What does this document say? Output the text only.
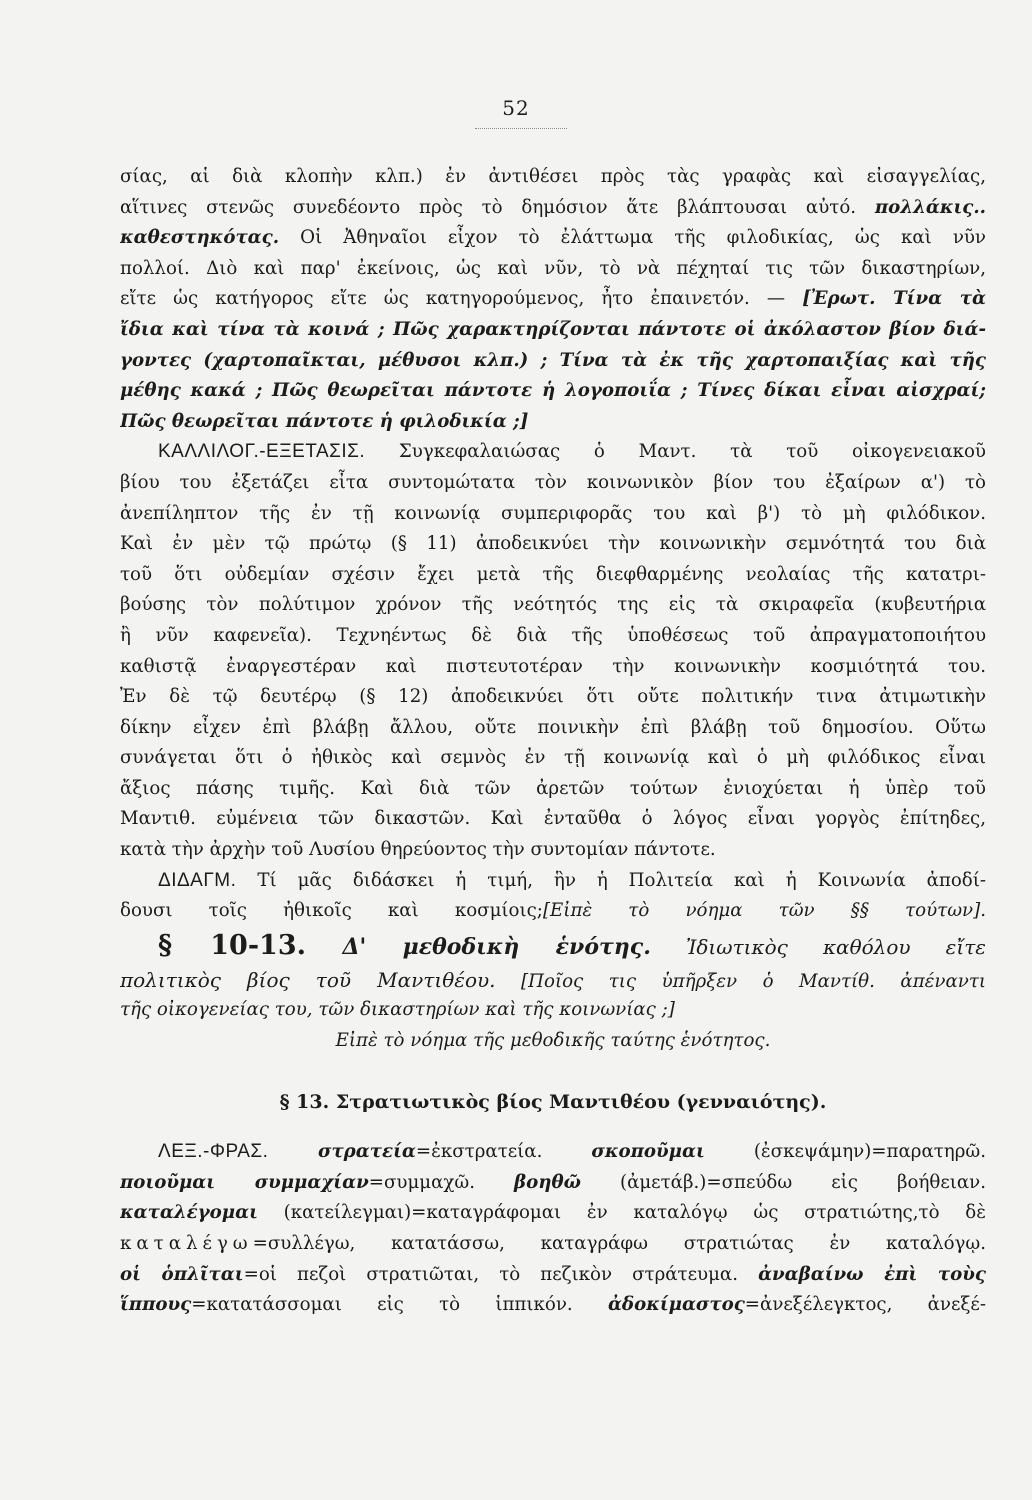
52
σίας, αἱ διὰ κλοπὴν κλπ.) ἐν ἀντιθέσει πρὸς τὰς γραφὰς καὶ εἰσαγγελίας,
αἵτινες στενῶς συνεδέοντο πρὸς τὸ δημόσιον ἅτε βλάπτουσαι αὐτό. πολλάκις..
καθεστηκότας. Οἱ Ἀθηναῖοι εἶχον τὸ ἐλάττωμα τῆς φιλοδικίας, ὡς καὶ νῦν
πολλοί. Διὸ καὶ παρ' ἐκείνοις, ὡς καὶ νῦν, τὸ νὰ πέχηταί τις τῶν δικαστηρίων,
εἴτε ὡς κατήγορος εἴτε ὡς κατηγορούμενος, ἦτο ἐπαινετόν. — [Ἐρωτ. Τίνα τὰ
ἴδια καὶ τίνα τὰ κοινά ; Πῶς χαρακτηρίζονται πάντοτε οἱ ἀκόλαστον βίον διά-
γοντες (χαρτοπαῖκται, μέθυσοι κλπ.) ; Τίνα τὰ ἐκ τῆς χαρτοπαιξίας καὶ τῆς
μέθης κακά ; Πῶς θεωρεῖται πάντοτε ἡ λογοποιΐα ; Τίνες δίκαι εἶναι αἰσχραί;
Πῶς θεωρεῖται πάντοτε ἡ φιλοδικία ;]
ΚΑΛΛΙΛΟΓ.-ΕΞΕΤΑΣΙΣ. Συγκεφαλαιώσας ὁ Μαντ. τὰ τοῦ οἰκογενειακοῦ
βίου του ἐξετάζει εἶτα συντομώτατα τὸν κοινωνικὸν βίον του ἐξαίρων α') τὸ
ἀνεπίληπτον τῆς ἐν τῇ κοινωνίᾳ συμπεριφορᾶς του καὶ β') τὸ μὴ φιλόδικον.
Καὶ ἐν μὲν τῷ πρώτῳ (§ 11) ἀποδεικνύει τὴν κοινωνικὴν σεμνότητά του διὰ
τοῦ ὅτι οὐδεμίαν σχέσιν ἔχει μετὰ τῆς διεφθαρμένης νεολαίας τῆς κατατρι-
βούσης τὸν πολύτιμον χρόνον τῆς νεότητός της εἰς τὰ σκιραφεῖα (κυβευτήρια
ἢ νῦν καφενεῖα). Τεχνηέντως δὲ διὰ τῆς ὑποθέσεως τοῦ ἀπραγματοποιήτου
καθιστᾷ ἐναργεστέραν καὶ πιστευτοτέραν τὴν κοινωνικὴν κοσμιότητά του.
Ἐν δὲ τῷ δευτέρῳ (§ 12) ἀποδεικνύει ὅτι οὔτε πολιτικήν τινα ἀτιμωτικὴν
δίκην εἶχεν ἐπὶ βλάβῃ ἄλλου, οὔτε ποινικὴν ἐπὶ βλάβῃ τοῦ δημοσίου. Οὕτω
συνάγεται ὅτι ὁ ἠθικὸς καὶ σεμνὸς ἐν τῇ κοινωνίᾳ καὶ ὁ μὴ φιλόδικος εἶναι
ἄξιος πάσης τιμῆς. Καὶ διὰ τῶν ἀρετῶν τούτων ἐνιοχύεται ἡ ὑπὲρ τοῦ
Μαντιθ. εὐμένεια τῶν δικαστῶν. Καὶ ἐνταῦθα ὁ λόγος εἶναι γοργὸς ἐπίτηδες,
κατὰ τὴν ἀρχὴν τοῦ Λυσίου θηρεύοντος τὴν συντομίαν πάντοτε.
ΔΙΔΑΓΜ. Τί μᾶς διδάσκει ἡ τιμή, ἣν ἡ Πολιτεία καὶ ἡ Κοινωνία ἀποδί-
δουσι τοῖς ἠθικοῖς καὶ κοσμίοις;[Εἰπὲ τὸ νόημα τῶν §§ τούτων].
§ 10-13. Δ' μεθοδικὴ ἑνότης. Ἰδιωτικὸς καθόλου εἴτε
πολιτικὸς βίος τοῦ Μαντιθέου. [Ποῖος τις ὑπῆρξεν ὁ Μαντίθ. ἀπέναντι
τῆς οἰκογενείας του, τῶν δικαστηρίων καὶ τῆς κοινωνίας ;]
Εἰπὲ τὸ νόημα τῆς μεθοδικῆς ταύτης ἑνότητος.
§ 13. Στρατιωτικὸς βίος Μαντιθέου (γενναιότης).
ΛΕΞ.-ΦΡΑΣ. στρατεία=ἐκστρατεία. σκοποῦμαι (ἐσκεψάμην)=παρατηρῶ.
ποιοῦμαι συμμαχίαν=συμμαχῶ. βοηθῶ (ἀμετάβ.)=σπεύδω εἰς βοήθειαν.
καταλέγομαι (κατείλεγμαι)=καταγράφομαι ἐν καταλόγῳ ὡς στρατιώτης,τὸ δὲ
καταλέγω=συλλέγω, κατατάσσω, καταγράφω στρατιώτας ἐν καταλόγῳ.
οἱ ὁπλῖται=οἱ πεζοὶ στρατιῶται, τὸ πεζικὸν στράτευμα. ἀναβαίνω ἐπὶ τοὺς
ἵππους=κατατάσσομαι εἰς τὸ ἱππικόν. ἀδοκίμαστος=ἀνεξέλεγκτος, ἀνεξέ-
